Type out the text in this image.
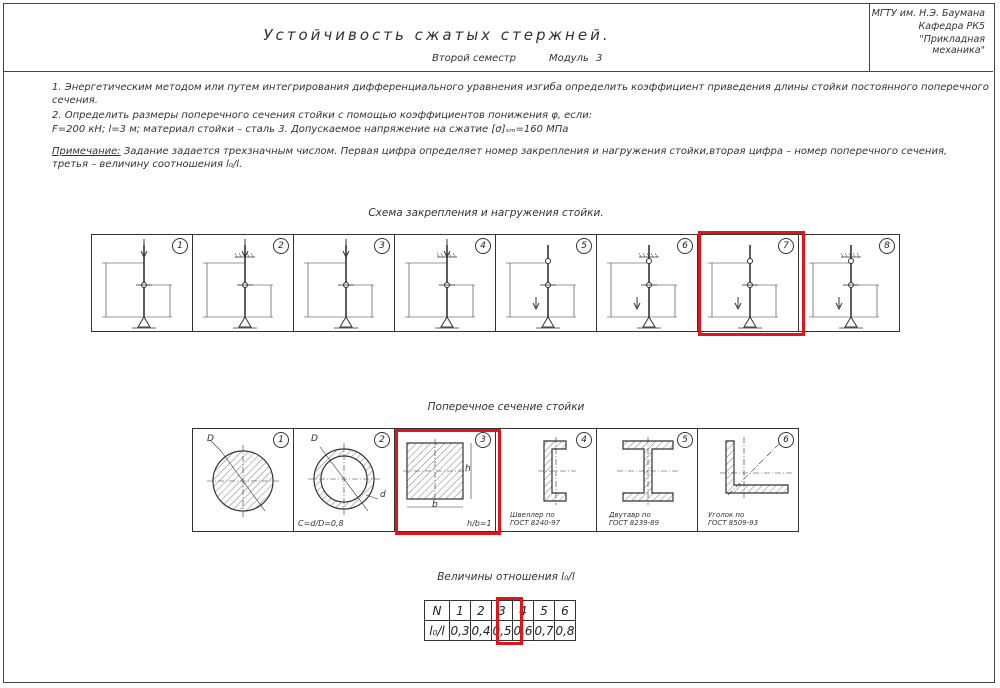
Устойчивость сжатых стержней.
Второй семестр	Модуль 3
МГТУ им. Н.Э. Баумана
Кафедра РК5
"Прикладная механика"
1. Энергетическим методом или путем интегрирования дифференциального уравнения изгиба определить коэффициент приведения длины стойки постоянного поперечного
сечения.
2. Определить размеры поперечного сечения стойки с помощью коэффициентов понижения φ, если:
F=200 кН; l=3 м; материал стойки – сталь 3. Допускаемое напряжение на сжатие [σ]ₛₘ=160 МПа
Примечание: Задание задается трехзначным числом. Первая цифра определяет номер закрепления и нагружения стойки,вторая цифра – номер поперечного сечения,
третья – величину соотношения l₀/l.
Схема закрепления и нагружения стойки.
1	2	3	4	5	6	7	8
Поперечное сечение стойки
1
D	2
D
d
C=d/D=0,8
3
b
h
h/b=1
4
Швеллер по
ГОСТ 8240-97
5
Двутавр по
ГОСТ 8239-89
6
Уголок по
ГОСТ 8509-93
Величины отношения l₀/l
N	1	2	3	4	5	6
l₀/l	0,3	0,4	0,5	0,6	0,7	0,8
